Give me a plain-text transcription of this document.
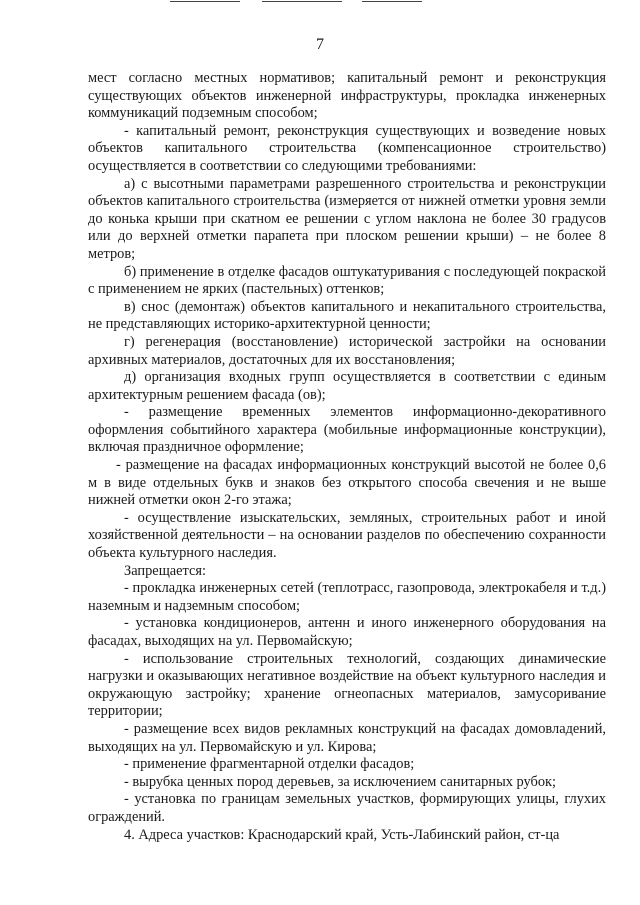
7

мест согласно местных нормативов; капитальный ремонт и реконструкция существующих объектов инженерной инфраструктуры, прокладка инженерных коммуникаций подземным способом;

- капитальный ремонт, реконструкция существующих и возведение новых объектов капитального строительства (компенсационное строительство) осуществляется в соответствии со следующими требованиями:

а) с высотными параметрами разрешенного строительства и реконструкции объектов капитального строительства (измеряется от нижней отметки уровня земли до конька крыши при скатном ее решении с углом наклона не более 30 градусов или до верхней отметки парапета при плоском решении крыши) – не более 8 метров;

б) применение в отделке фасадов оштукатуривания с последующей покраской с применением не ярких (пастельных) оттенков;

в) снос (демонтаж) объектов капитального и некапитального строительства, не представляющих историко-архитектурной ценности;

г) регенерация (восстановление) исторической застройки на основании архивных материалов, достаточных для их восстановления;

д) организация входных групп осуществляется в соответствии с единым архитектурным решением фасада (ов);

- размещение временных элементов информационно-декоративного оформления событийного характера (мобильные информационные конструкции), включая праздничное оформление;

- размещение на фасадах информационных конструкций высотой не более 0,6 м в виде отдельных букв и знаков без открытого способа свечения и не выше нижней отметки окон 2-го этажа;

- осуществление изыскательских, земляных, строительных работ и иной хозяйственной деятельности – на основании разделов по обеспечению сохранности объекта культурного наследия.

Запрещается:

- прокладка инженерных сетей (теплотрасс, газопровода, электрокабеля и т.д.) наземным и надземным способом;

- установка кондиционеров, антенн и иного инженерного оборудования на фасадах, выходящих на ул. Первомайскую;

- использование строительных технологий, создающих динамические нагрузки и оказывающих негативное воздействие на объект культурного наследия и окружающую застройку; хранение огнеопасных материалов, замусоривание территории;

- размещение всех видов рекламных конструкций на фасадах домовладений, выходящих на ул. Первомайскую и ул. Кирова;

- применение фрагментарной отделки фасадов;

- вырубка ценных пород деревьев, за исключением санитарных рубок;

- установка по границам земельных участков, формирующих улицы, глухих ограждений.

4. Адреса участков: Краснодарский край, Усть-Лабинский район, ст-ца
